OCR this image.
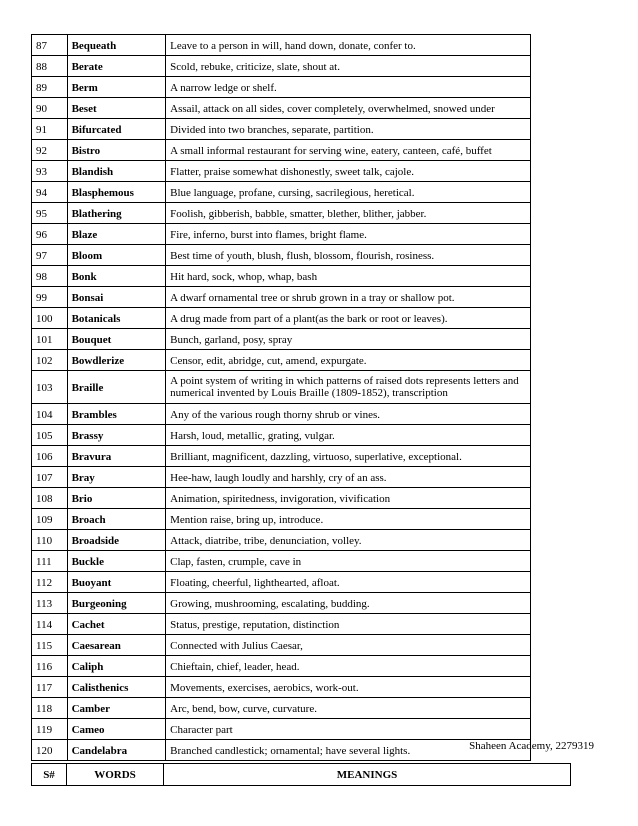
87	Bequeath	Leave to a person in will, hand down, donate, confer to.
88	Berate	Scold, rebuke, criticize, slate, shout at.
89	Berm	A narrow ledge or shelf.
90	Beset	Assail, attack on all sides, cover completely, overwhelmed, snowed under
91	Bifurcated	Divided into two branches, separate, partition.
92	Bistro	A small informal restaurant for serving wine, eatery, canteen, café, buffet
93	Blandish	Flatter, praise somewhat dishonestly, sweet talk, cajole.
94	Blasphemous	Blue language, profane, cursing, sacrilegious, heretical.
95	Blathering	Foolish, gibberish, babble, smatter, blether, blither, jabber.
96	Blaze	Fire, inferno, burst into flames, bright flame.
97	Bloom	Best time of youth, blush, flush, blossom, flourish, rosiness.
98	Bonk	Hit hard, sock, whop, whap, bash
99	Bonsai	A dwarf ornamental tree or shrub grown in a tray or shallow pot.
100	Botanicals	A drug made from part of a plant(as the bark or root or leaves).
101	Bouquet	Bunch, garland, posy, spray
102	Bowdlerize	Censor, edit, abridge, cut, amend, expurgate.
103	Braille	A point system of writing in which patterns of raised dots represents letters and numerical invented by Louis Braille (1809-1852), transcription
104	Brambles	Any of the various rough thorny shrub or vines.
105	Brassy	Harsh, loud, metallic, grating, vulgar.
106	Bravura	Brilliant, magnificent, dazzling, virtuoso, superlative, exceptional.
107	Bray	Hee-haw, laugh loudly and harshly, cry of an ass.
108	Brio	Animation, spiritedness, invigoration, vivification
109	Broach	Mention raise, bring up, introduce.
110	Broadside	Attack, diatribe, tribe, denunciation, volley.
111	Buckle	Clap, fasten, crumple, cave in
112	Buoyant	Floating, cheerful, lighthearted, afloat.
113	Burgeoning	Growing, mushrooming, escalating, budding.
114	Cachet	Status, prestige, reputation, distinction
115	Caesarean	Connected with Julius Caesar,
116	Caliph	Chieftain, chief, leader, head.
117	Calisthenics	Movements, exercises, aerobics, work-out.
118	Camber	Arc, bend, bow, curve, curvature.
119	Cameo	Character part
120	Candelabra	Branched candlestick; ornamental; have several lights.	Shaheen Academy, 2279319
S#	WORDS	MEANINGS
